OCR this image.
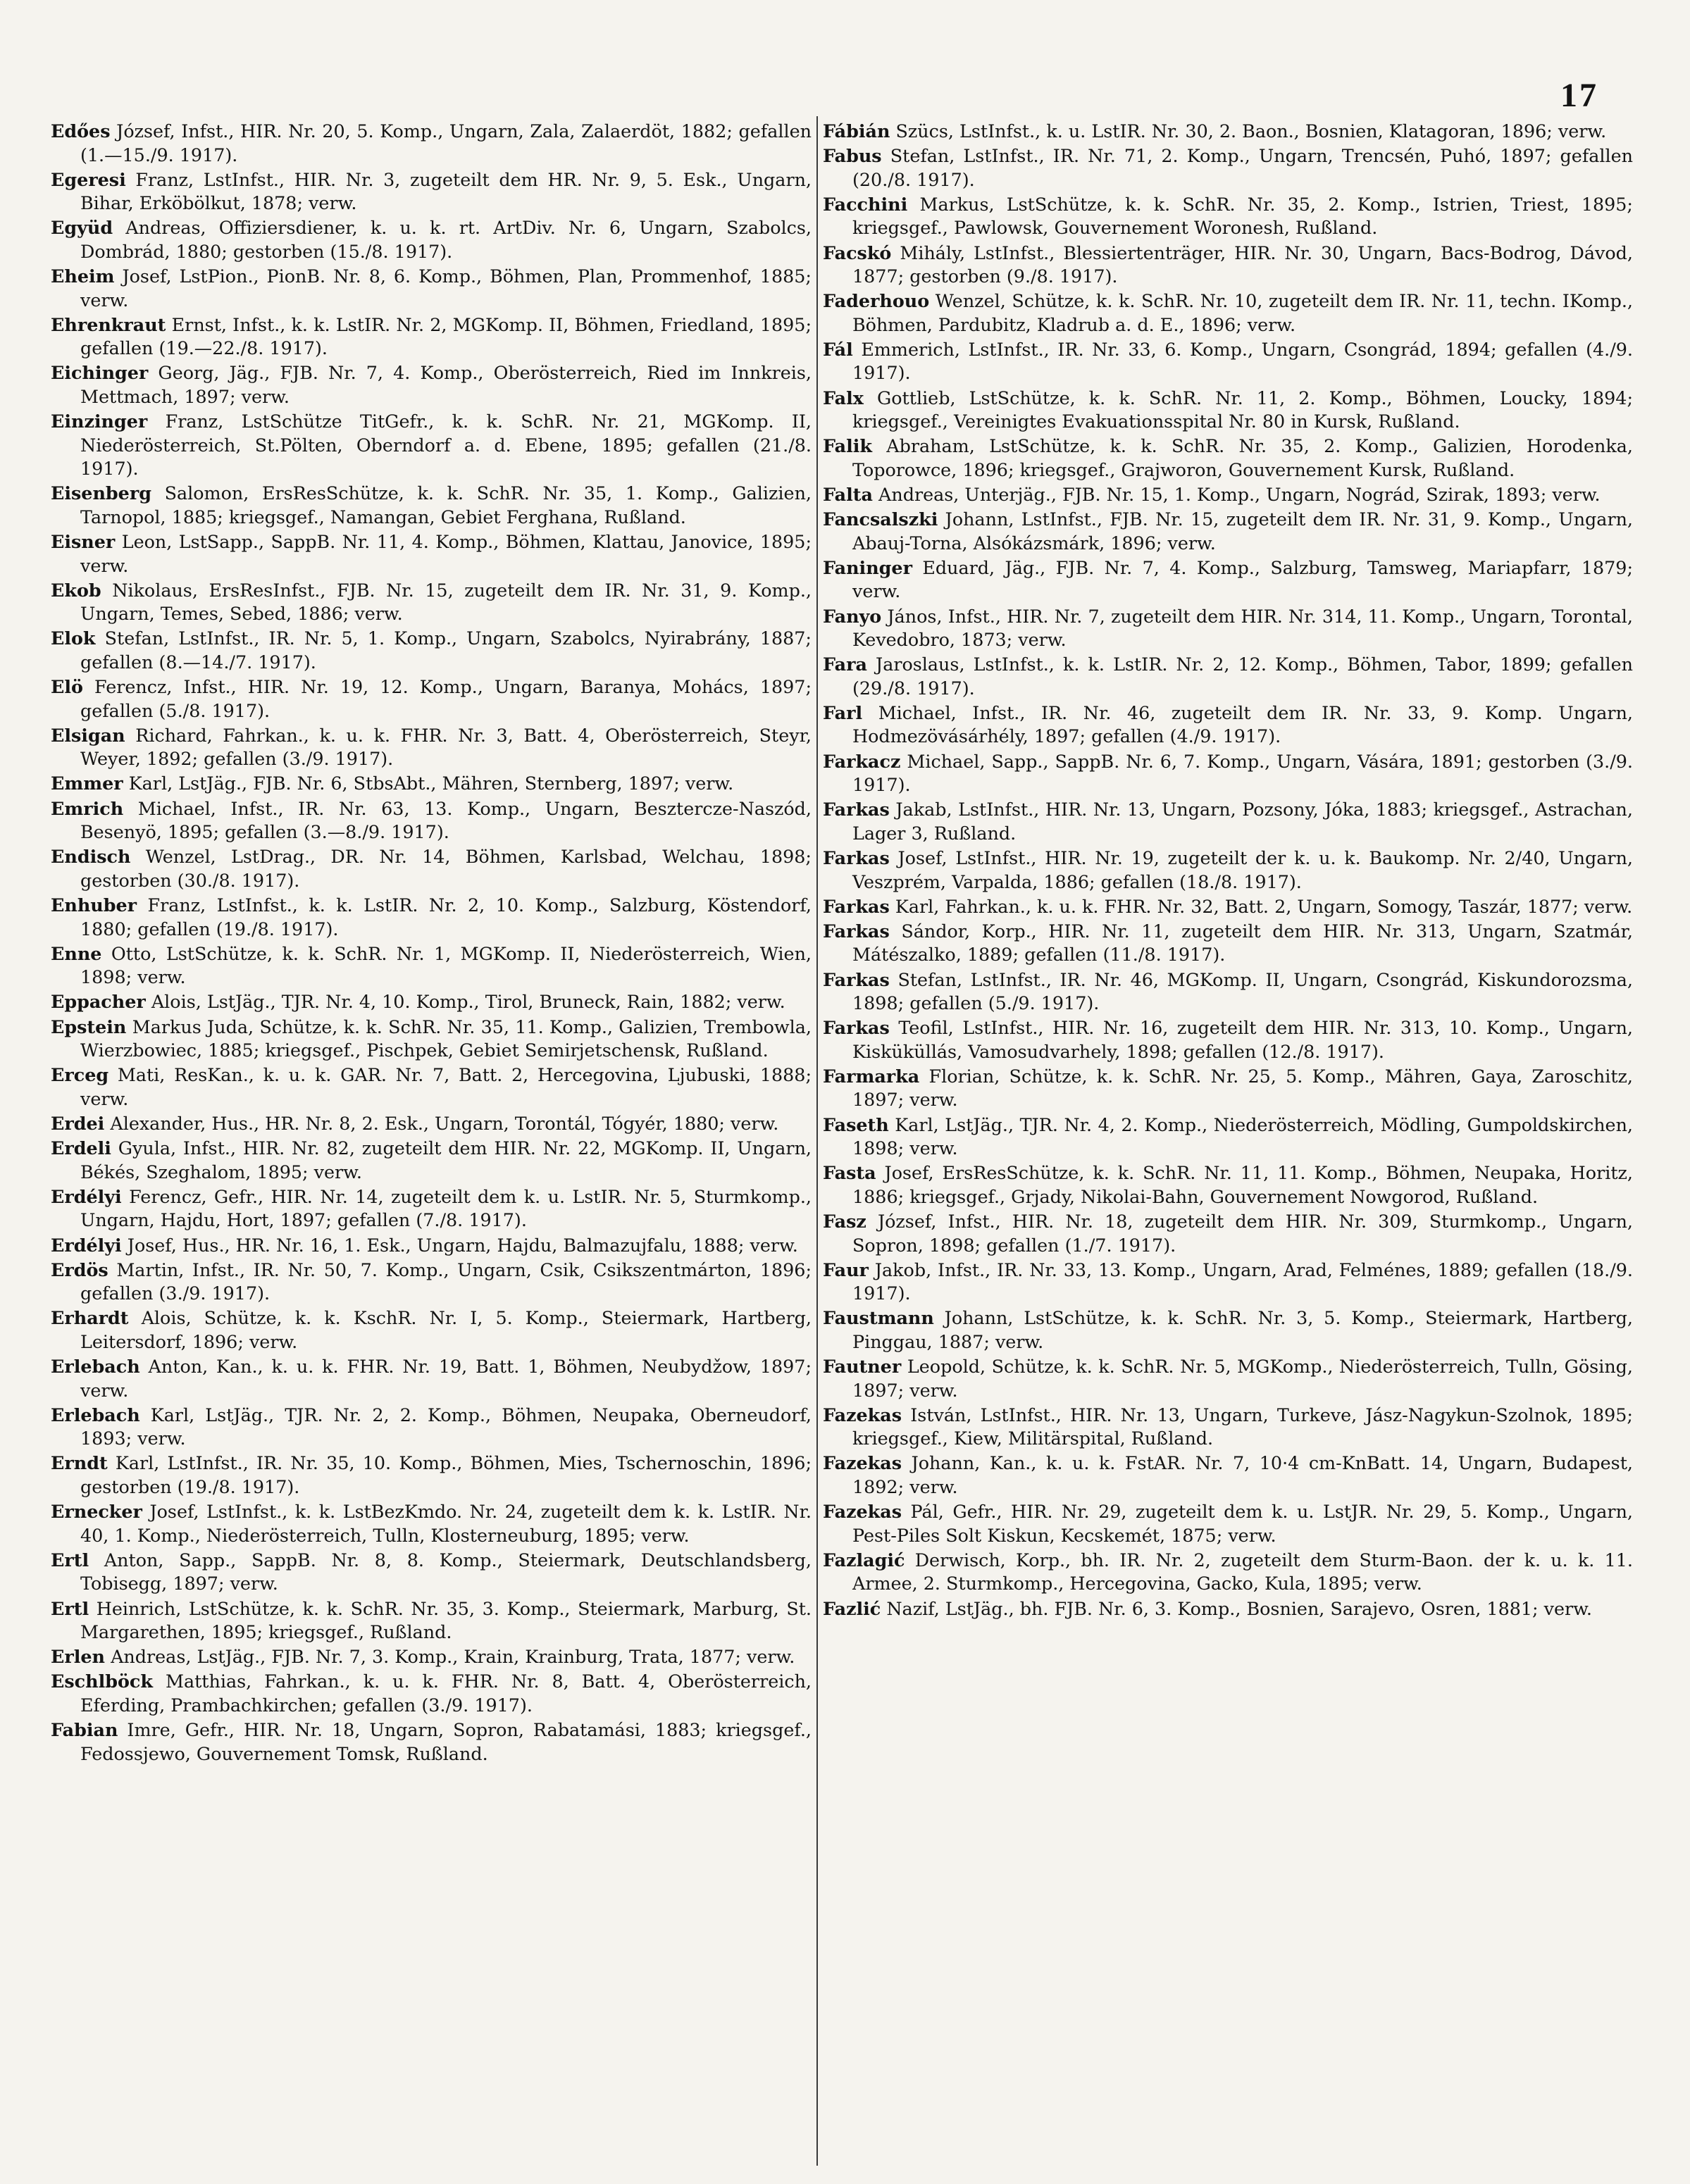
17

Edőes József, Infst., HIR. Nr. 20, 5. Komp., Ungarn, Zala, Zalaerdöt, 1882; gefallen (1.—15./9. 1917).

Egeresi Franz, LstInfst., HIR. Nr. 3, zugeteilt dem HR. Nr. 9, 5. Esk., Ungarn, Bihar, Erköbölkut, 1878; verw.

Együd Andreas, Offiziersdiener, k. u. k. rt. ArtDiv. Nr. 6, Ungarn, Szabolcs, Dombrád, 1880; gestorben (15./8. 1917).

Eheim Josef, LstPion., PionB. Nr. 8, 6. Komp., Böhmen, Plan, Prommenhof, 1885; verw.

Ehrenkraut Ernst, Infst., k. k. LstIR. Nr. 2, MGKomp. II, Böhmen, Friedland, 1895; gefallen (19.—22./8. 1917).

Eichinger Georg, Jäg., FJB. Nr. 7, 4. Komp., Oberösterreich, Ried im Innkreis, Mettmach, 1897; verw.

Einzinger Franz, LstSchütze TitGefr., k. k. SchR. Nr. 21, MGKomp. II, Niederösterreich, St.Pölten, Oberndorf a. d. Ebene, 1895; gefallen (21./8. 1917).

Eisenberg Salomon, ErsResSchütze, k. k. SchR. Nr. 35, 1. Komp., Galizien, Tarnopol, 1885; kriegsgef., Namangan, Gebiet Ferghana, Rußland.

Eisner Leon, LstSapp., SappB. Nr. 11, 4. Komp., Böhmen, Klattau, Janovice, 1895; verw.

Ekob Nikolaus, ErsResInfst., FJB. Nr. 15, zugeteilt dem IR. Nr. 31, 9. Komp., Ungarn, Temes, Sebed, 1886; verw.

Elok Stefan, LstInfst., IR. Nr. 5, 1. Komp., Ungarn, Szabolcs, Nyirabrány, 1887; gefallen (8.—14./7. 1917).

Elö Ferencz, Infst., HIR. Nr. 19, 12. Komp., Ungarn, Baranya, Mohács, 1897; gefallen (5./8. 1917).

Elsigan Richard, Fahrkan., k. u. k. FHR. Nr. 3, Batt. 4, Oberösterreich, Steyr, Weyer, 1892; gefallen (3./9. 1917).

Emmer Karl, LstJäg., FJB. Nr. 6, StbsAbt., Mähren, Sternberg, 1897; verw.

Emrich Michael, Infst., IR. Nr. 63, 13. Komp., Ungarn, Besztercze-Naszód, Besenyö, 1895; gefallen (3.—8./9. 1917).

Endisch Wenzel, LstDrag., DR. Nr. 14, Böhmen, Karlsbad, Welchau, 1898; gestorben (30./8. 1917).

Enhuber Franz, LstInfst., k. k. LstIR. Nr. 2, 10. Komp., Salzburg, Köstendorf, 1880; gefallen (19./8. 1917).

Enne Otto, LstSchütze, k. k. SchR. Nr. 1, MGKomp. II, Niederösterreich, Wien, 1898; verw.

Eppacher Alois, LstJäg., TJR. Nr. 4, 10. Komp., Tirol, Bruneck, Rain, 1882; verw.

Epstein Markus Juda, Schütze, k. k. SchR. Nr. 35, 11. Komp., Galizien, Trembowla, Wierzbowiec, 1885; kriegsgef., Pischpek, Gebiet Semirjetschensk, Rußland.

Erceg Mati, ResKan., k. u. k. GAR. Nr. 7, Batt. 2, Hercegovina, Ljubuski, 1888; verw.

Erdei Alexander, Hus., HR. Nr. 8, 2. Esk., Ungarn, Torontál, Tógyér, 1880; verw.

Erdeli Gyula, Infst., HIR. Nr. 82, zugeteilt dem HIR. Nr. 22, MGKomp. II, Ungarn, Békés, Szeghalom, 1895; verw.

Erdélyi Ferencz, Gefr., HIR. Nr. 14, zugeteilt dem k. u. LstIR. Nr. 5, Sturmkomp., Ungarn, Hajdu, Hort, 1897; gefallen (7./8. 1917).

Erdélyi Josef, Hus., HR. Nr. 16, 1. Esk., Ungarn, Hajdu, Balmazujfalu, 1888; verw.

Erdös Martin, Infst., IR. Nr. 50, 7. Komp., Ungarn, Csik, Csikszentmárton, 1896; gefallen (3./9. 1917).

Erhardt Alois, Schütze, k. k. KschR. Nr. I, 5. Komp., Steiermark, Hartberg, Leitersdorf, 1896; verw.

Erlebach Anton, Kan., k. u. k. FHR. Nr. 19, Batt. 1, Böhmen, Neubydžow, 1897; verw.

Erlebach Karl, LstJäg., TJR. Nr. 2, 2. Komp., Böhmen, Neupaka, Oberneudorf, 1893; verw.

Erndt Karl, LstInfst., IR. Nr. 35, 10. Komp., Böhmen, Mies, Tschernoschin, 1896; gestorben (19./8. 1917).

Ernecker Josef, LstInfst., k. k. LstBezKmdo. Nr. 24, zugeteilt dem k. k. LstIR. Nr. 40, 1. Komp., Niederösterreich, Tulln, Klosterneuburg, 1895; verw.

Ertl Anton, Sapp., SappB. Nr. 8, 8. Komp., Steiermark, Deutschlandsberg, Tobisegg, 1897; verw.

Ertl Heinrich, LstSchütze, k. k. SchR. Nr. 35, 3. Komp., Steiermark, Marburg, St. Margarethen, 1895; kriegsgef., Rußland.

Erlen Andreas, LstJäg., FJB. Nr. 7, 3. Komp., Krain, Krainburg, Trata, 1877; verw.

Eschlböck Matthias, Fahrkan., k. u. k. FHR. Nr. 8, Batt. 4, Oberösterreich, Eferding, Prambachkirchen; gefallen (3./9. 1917).

Fabian Imre, Gefr., HIR. Nr. 18, Ungarn, Sopron, Rabatamási, 1883; kriegsgef., Fedossjewo, Gouvernement Tomsk, Rußland.

Fábián Szücs, LstInfst., k. u. LstIR. Nr. 30, 2. Baon., Bosnien, Klatagoran, 1896; verw.

Fabus Stefan, LstInfst., IR. Nr. 71, 2. Komp., Ungarn, Trencsén, Puhó, 1897; gefallen (20./8. 1917).

Facchini Markus, LstSchütze, k. k. SchR. Nr. 35, 2. Komp., Istrien, Triest, 1895; kriegsgef., Pawlowsk, Gouvernement Woronesh, Rußland.

Facskó Mihály, LstInfst., Blessiertenträger, HIR. Nr. 30, Ungarn, Bacs-Bodrog, Dávod, 1877; gestorben (9./8. 1917).

Faderhouo Wenzel, Schütze, k. k. SchR. Nr. 10, zugeteilt dem IR. Nr. 11, techn. IKomp., Böhmen, Pardubitz, Kladrub a. d. E., 1896; verw.

Fál Emmerich, LstInfst., IR. Nr. 33, 6. Komp., Ungarn, Csongrád, 1894; gefallen (4./9. 1917).

Falx Gottlieb, LstSchütze, k. k. SchR. Nr. 11, 2. Komp., Böhmen, Loucky, 1894; kriegsgef., Vereinigtes Evakuationsspital Nr. 80 in Kursk, Rußland.

Falik Abraham, LstSchütze, k. k. SchR. Nr. 35, 2. Komp., Galizien, Horodenka, Toporowce, 1896; kriegsgef., Grajworon, Gouvernement Kursk, Rußland.

Falta Andreas, Unterjäg., FJB. Nr. 15, 1. Komp., Ungarn, Nográd, Szirak, 1893; verw.

Fancsalszki Johann, LstInfst., FJB. Nr. 15, zugeteilt dem IR. Nr. 31, 9. Komp., Ungarn, Abauj-Torna, Alsókázsmárk, 1896; verw.

Faninger Eduard, Jäg., FJB. Nr. 7, 4. Komp., Salzburg, Tamsweg, Mariapfarr, 1879; verw.

Fanyo János, Infst., HIR. Nr. 7, zugeteilt dem HIR. Nr. 314, 11. Komp., Ungarn, Torontal, Kevedobro, 1873; verw.

Fara Jaroslaus, LstInfst., k. k. LstIR. Nr. 2, 12. Komp., Böhmen, Tabor, 1899; gefallen (29./8. 1917).

Farl Michael, Infst., IR. Nr. 46, zugeteilt dem IR. Nr. 33, 9. Komp. Ungarn, Hodmezövásárhély, 1897; gefallen (4./9. 1917).

Farkacz Michael, Sapp., SappB. Nr. 6, 7. Komp., Ungarn, Vására, 1891; gestorben (3./9. 1917).

Farkas Jakab, LstInfst., HIR. Nr. 13, Ungarn, Pozsony, Jóka, 1883; kriegsgef., Astrachan, Lager 3, Rußland.

Farkas Josef, LstInfst., HIR. Nr. 19, zugeteilt der k. u. k. Baukomp. Nr. 2/40, Ungarn, Veszprém, Varpalda, 1886; gefallen (18./8. 1917).

Farkas Karl, Fahrkan., k. u. k. FHR. Nr. 32, Batt. 2, Ungarn, Somogy, Taszár, 1877; verw.

Farkas Sándor, Korp., HIR. Nr. 11, zugeteilt dem HIR. Nr. 313, Ungarn, Szatmár, Mátészalko, 1889; gefallen (11./8. 1917).

Farkas Stefan, LstInfst., IR. Nr. 46, MGKomp. II, Ungarn, Csongrád, Kiskundorozsma, 1898; gefallen (5./9. 1917).

Farkas Teofil, LstInfst., HIR. Nr. 16, zugeteilt dem HIR. Nr. 313, 10. Komp., Ungarn, Kisküküllás, Vamosudvarhely, 1898; gefallen (12./8. 1917).

Farmarka Florian, Schütze, k. k. SchR. Nr. 25, 5. Komp., Mähren, Gaya, Zaroschitz, 1897; verw.

Faseth Karl, LstJäg., TJR. Nr. 4, 2. Komp., Niederösterreich, Mödling, Gumpoldskirchen, 1898; verw.

Fasta Josef, ErsResSchütze, k. k. SchR. Nr. 11, 11. Komp., Böhmen, Neupaka, Horitz, 1886; kriegsgef., Grjady, Nikolai-Bahn, Gouvernement Nowgorod, Rußland.

Fasz József, Infst., HIR. Nr. 18, zugeteilt dem HIR. Nr. 309, Sturmkomp., Ungarn, Sopron, 1898; gefallen (1./7. 1917).

Faur Jakob, Infst., IR. Nr. 33, 13. Komp., Ungarn, Arad, Felménes, 1889; gefallen (18./9. 1917).

Faustmann Johann, LstSchütze, k. k. SchR. Nr. 3, 5. Komp., Steiermark, Hartberg, Pinggau, 1887; verw.

Fautner Leopold, Schütze, k. k. SchR. Nr. 5, MGKomp., Niederösterreich, Tulln, Gösing, 1897; verw.

Fazekas István, LstInfst., HIR. Nr. 13, Ungarn, Turkeve, Jász-Nagykun-Szolnok, 1895; kriegsgef., Kiew, Militärspital, Rußland.

Fazekas Johann, Kan., k. u. k. FstAR. Nr. 7, 10·4 cm-KnBatt. 14, Ungarn, Budapest, 1892; verw.

Fazekas Pál, Gefr., HIR. Nr. 29, zugeteilt dem k. u. LstJR. Nr. 29, 5. Komp., Ungarn, Pest-Piles Solt Kiskun, Kecskemét, 1875; verw.

Fazlagić Derwisch, Korp., bh. IR. Nr. 2, zugeteilt dem Sturm-Baon. der k. u. k. 11. Armee, 2. Sturmkomp., Hercegovina, Gacko, Kula, 1895; verw.

Fazlić Nazif, LstJäg., bh. FJB. Nr. 6, 3. Komp., Bosnien, Sarajevo, Osren, 1881; verw.
